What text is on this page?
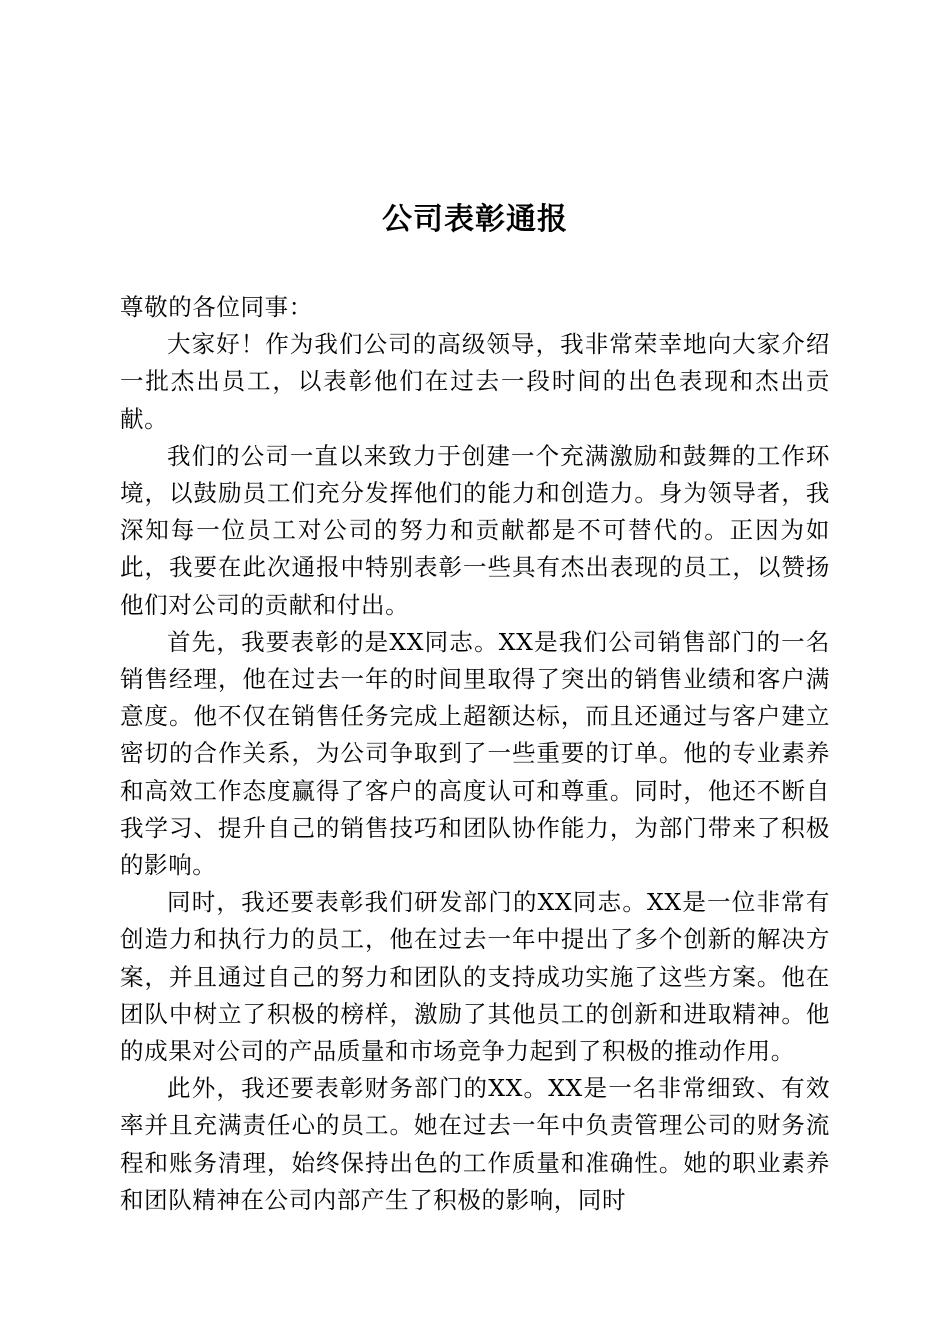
公司表彰通报

尊敬的各位同事：

大家好！作为我们公司的高级领导，我非常荣幸地向大家介绍一批杰出员工，以表彰他们在过去一段时间的出色表现和杰出贡献。

我们的公司一直以来致力于创建一个充满激励和鼓舞的工作环境，以鼓励员工们充分发挥他们的能力和创造力。身为领导者，我深知每一位员工对公司的努力和贡献都是不可替代的。正因为如此，我要在此次通报中特别表彰一些具有杰出表现的员工，以赞扬他们对公司的贡献和付出。

首先，我要表彰的是XX同志。XX是我们公司销售部门的一名销售经理，他在过去一年的时间里取得了突出的销售业绩和客户满意度。他不仅在销售任务完成上超额达标，而且还通过与客户建立密切的合作关系，为公司争取到了一些重要的订单。他的专业素养和高效工作态度赢得了客户的高度认可和尊重。同时，他还不断自我学习、提升自己的销售技巧和团队协作能力，为部门带来了积极的影响。

同时，我还要表彰我们研发部门的XX同志。XX是一位非常有创造力和执行力的员工，他在过去一年中提出了多个创新的解决方案，并且通过自己的努力和团队的支持成功实施了这些方案。他在团队中树立了积极的榜样，激励了其他员工的创新和进取精神。他的成果对公司的产品质量和市场竞争力起到了积极的推动作用。

此外，我还要表彰财务部门的XX。XX是一名非常细致、有效率并且充满责任心的员工。她在过去一年中负责管理公司的财务流程和账务清理，始终保持出色的工作质量和准确性。她的职业素养和团队精神在公司内部产生了积极的影响，同时
